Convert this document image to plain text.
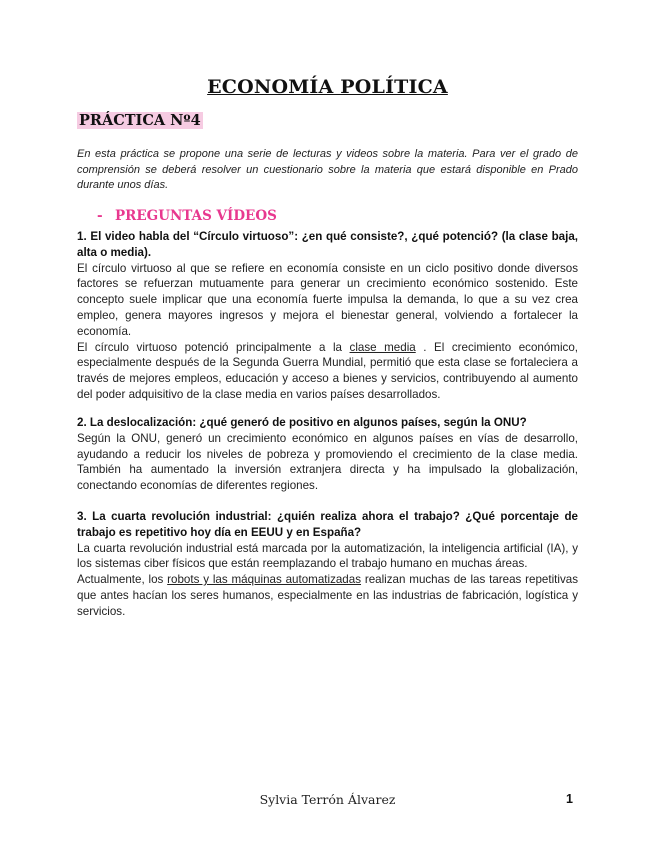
ECONOMÍA POLÍTICA
PRÁCTICA Nº4
En esta práctica se propone una serie de lecturas y videos sobre la materia. Para ver el grado de comprensión se deberá resolver un cuestionario sobre la materia que estará disponible en Prado durante unos días.
- PREGUNTAS VÍDEOS
1. El video habla del “Círculo virtuoso”: ¿en qué consiste?, ¿qué potenció? (la clase baja, alta o media).
El círculo virtuoso al que se refiere en economía consiste en un ciclo positivo donde diversos factores se refuerzan mutuamente para generar un crecimiento económico sostenido. Este concepto suele implicar que una economía fuerte impulsa la demanda, lo que a su vez crea empleo, genera mayores ingresos y mejora el bienestar general, volviendo a fortalecer la economía.
El círculo virtuoso potenció principalmente a la clase media . El crecimiento económico, especialmente después de la Segunda Guerra Mundial, permitió que esta clase se fortaleciera a través de mejores empleos, educación y acceso a bienes y servicios, contribuyendo al aumento del poder adquisitivo de la clase media en varios países desarrollados.
2. La deslocalización: ¿qué generó de positivo en algunos países, según la ONU?
Según la ONU, generó un crecimiento económico en algunos países en vías de desarrollo, ayudando a reducir los niveles de pobreza y promoviendo el crecimiento de la clase media. También ha aumentado la inversión extranjera directa y ha impulsado la globalización, conectando economías de diferentes regiones.
3. La cuarta revolución industrial: ¿quién realiza ahora el trabajo? ¿Qué porcentaje de trabajo es repetitivo hoy día en EEUU y en España?
La cuarta revolución industrial está marcada por la automatización, la inteligencia artificial (IA), y los sistemas ciber físicos que están reemplazando el trabajo humano en muchas áreas.
Actualmente, los robots y las máquinas automatizadas realizan muchas de las tareas repetitivas que antes hacían los seres humanos, especialmente en las industrias de fabricación, logística y servicios.
Sylvia Terrón Álvarez	1
